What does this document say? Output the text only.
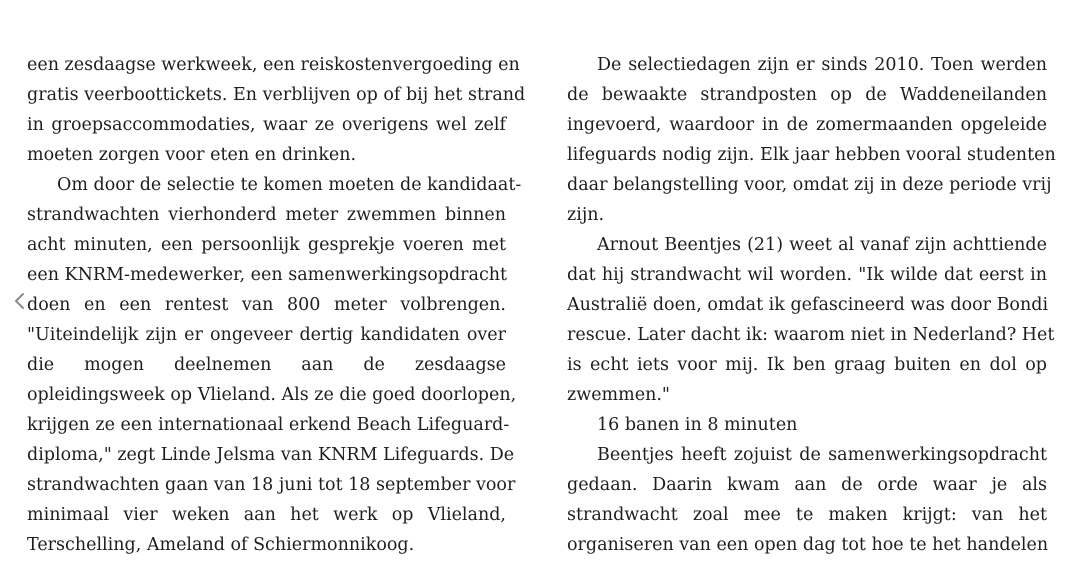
een zesdaagse werkweek, een reiskostenvergoeding en
gratis veerboottickets. En verblijven op of bij het strand
in groepsaccommodaties, waar ze overigens wel zelf
moeten zorgen voor eten en drinken.
Om door de selectie te komen moeten de kandidaat-
strandwachten vierhonderd meter zwemmen binnen
acht minuten, een persoonlijk gesprekje voeren met
een KNRM-medewerker, een samenwerkingsopdracht
doen en een rentest van 800 meter volbrengen.
"Uiteindelijk zijn er ongeveer dertig kandidaten over
die mogen deelnemen aan de zesdaagse
opleidingsweek op Vlieland. Als ze die goed doorlopen,
krijgen ze een internationaal erkend Beach Lifeguard-
diploma," zegt Linde Jelsma van KNRM Lifeguards. De
strandwachten gaan van 18 juni tot 18 september voor
minimaal vier weken aan het werk op Vlieland,
Terschelling, Ameland of Schiermonnikoog.
De selectiedagen zijn er sinds 2010. Toen werden
de bewaakte strandposten op de Waddeneilanden
ingevoerd, waardoor in de zomermaanden opgeleide
lifeguards nodig zijn. Elk jaar hebben vooral studenten
daar belangstelling voor, omdat zij in deze periode vrij
zijn.
Arnout Beentjes (21) weet al vanaf zijn achttiende
dat hij strandwacht wil worden. "Ik wilde dat eerst in
Australië doen, omdat ik gefascineerd was door Bondi
rescue. Later dacht ik: waarom niet in Nederland? Het
is echt iets voor mij. Ik ben graag buiten en dol op
zwemmen."
16 banen in 8 minuten
Beentjes heeft zojuist de samenwerkingsopdracht
gedaan. Daarin kwam aan de orde waar je als
strandwacht zoal mee te maken krijgt: van het
organiseren van een open dag tot hoe te het handelen
